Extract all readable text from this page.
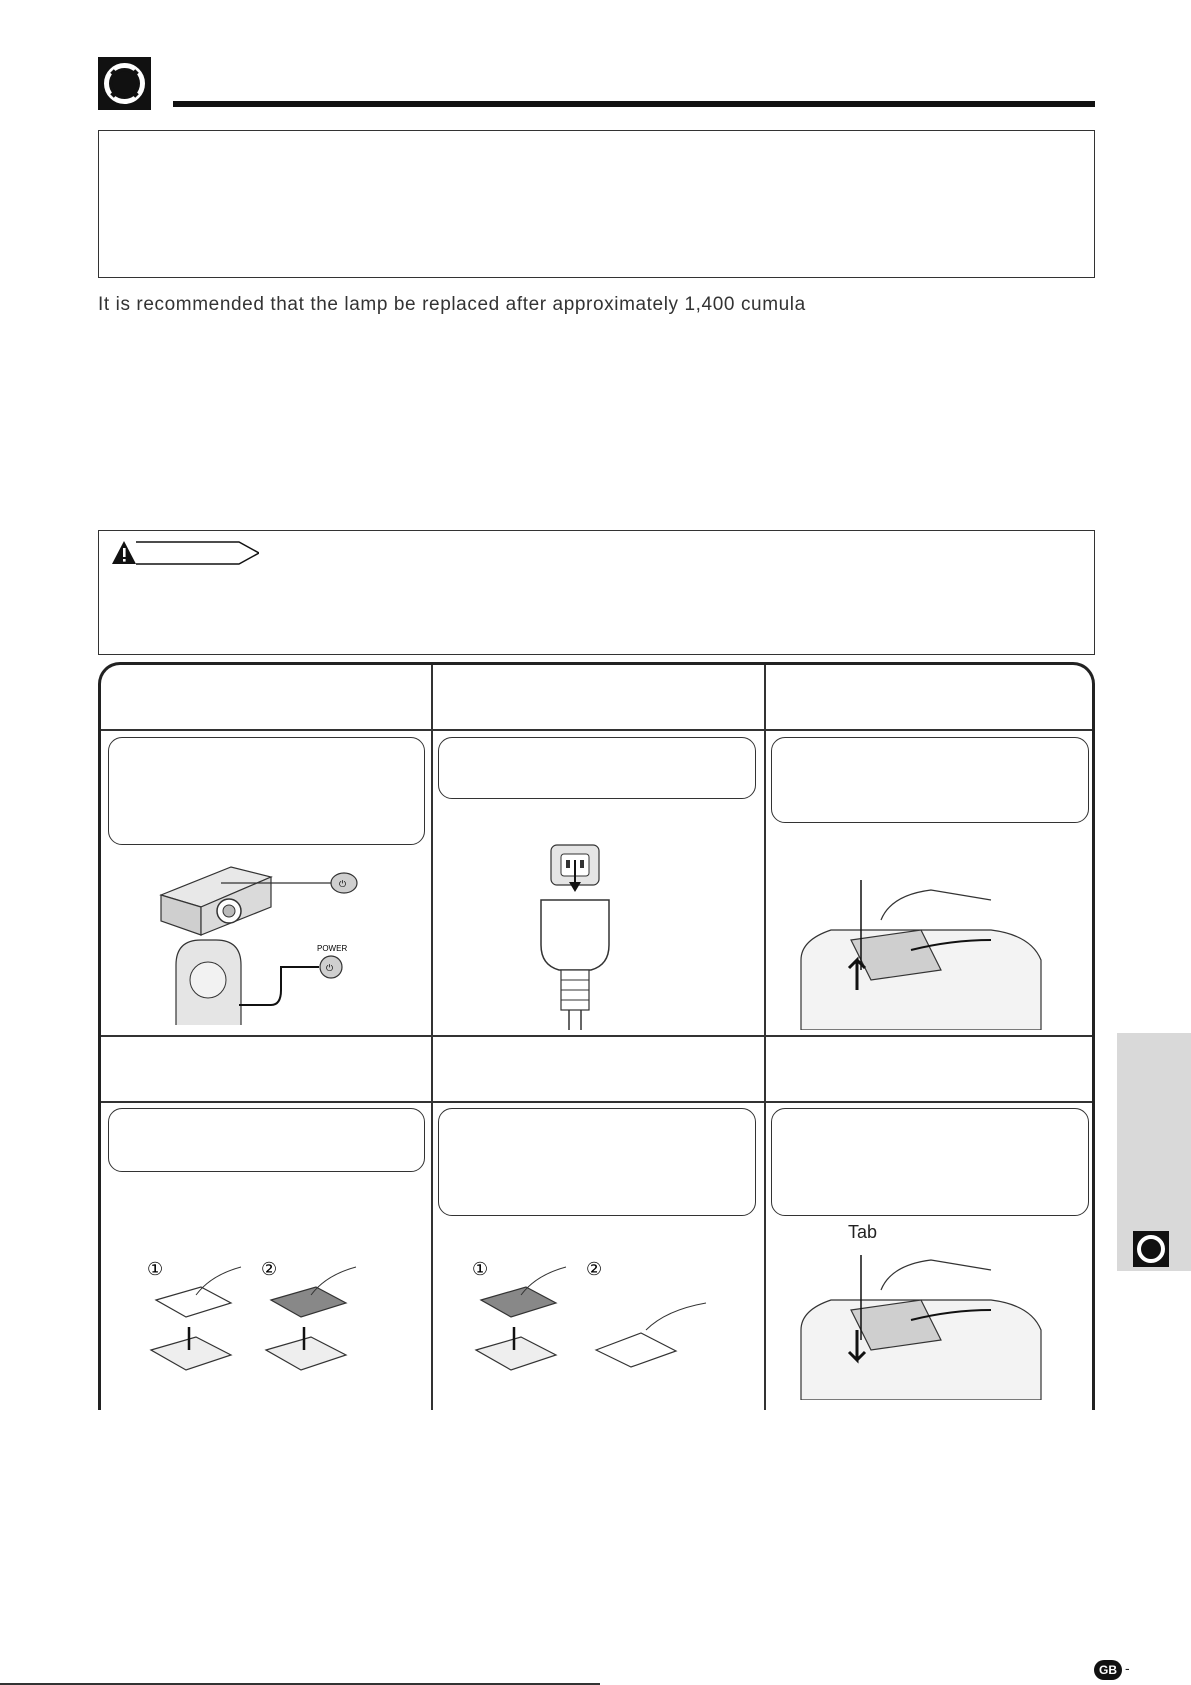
It is recommended that the lamp be replaced after approximately 1,400 cumula
⏻
⏻
POWER
①	②	①	②
Tab
GB -
